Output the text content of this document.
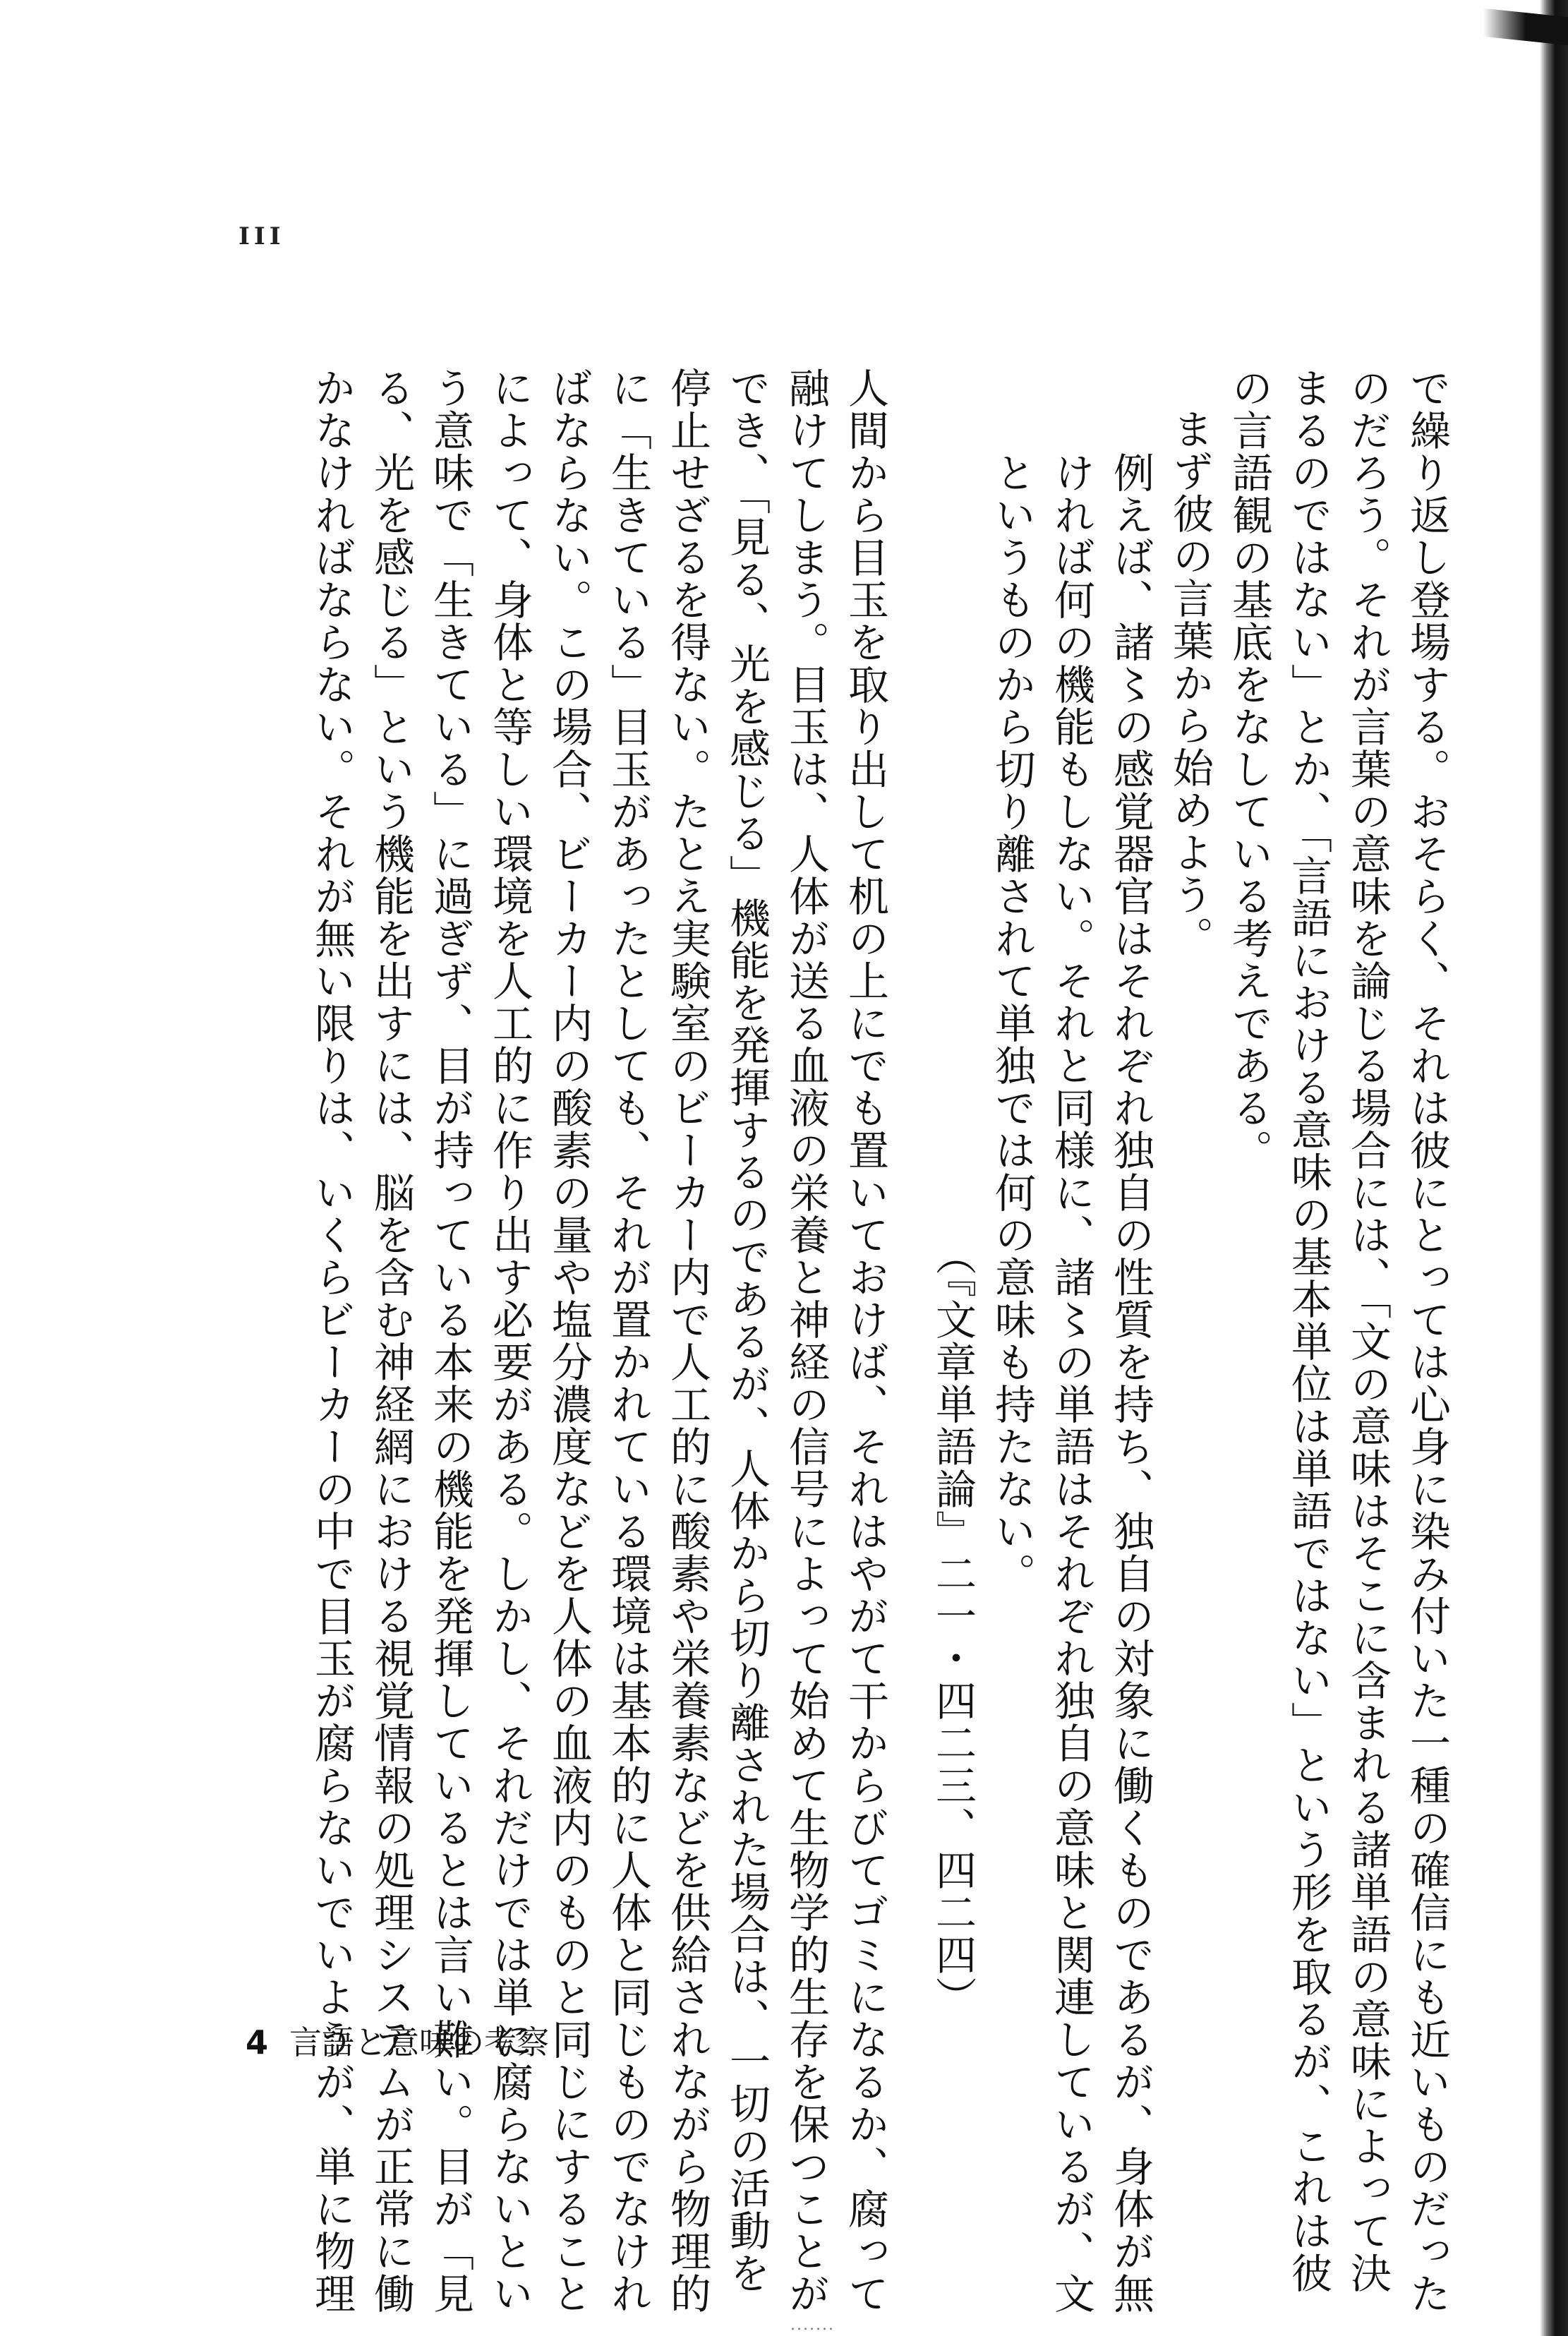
III
で繰り返し登場する。おそらく、それは彼にとっては心身に染み付いた一種の確信にも近いものだった
のだろう。それが言葉の意味を論じる場合には、「文の意味はそこに含まれる諸単語の意味によって決
まるのではない」とか、「言語における意味の基本単位は単語ではない」という形を取るが、これは彼
の言語観の基底をなしている考えである。
まず彼の言葉から始めよう。
例えば、諸〻の感覚器官はそれぞれ独自の性質を持ち、独自の対象に働くものであるが、身体が無
ければ何の機能もしない。それと同様に、諸〻の単語はそれぞれ独自の意味と関連しているが、文
というものから切り離されて単独では何の意味も持たない。
（『文章単語論』二一・四二三、四二四）
人間から目玉を取り出して机の上にでも置いておけば、それはやがて干からびてゴミになるか、腐って
融けてしまう。目玉は、人体が送る血液の栄養と神経の信号によって始めて生物学的生存を保つことが
でき、「見る、光を感じる」機能を発揮するのであるが、人体から切り離された場合は、一切の活動を
停止せざるを得ない。たとえ実験室のビーカー内で人工的に酸素や栄養素などを供給されながら物理的
に「生きている」目玉があったとしても、それが置かれている環境は基本的に人体と同じものでなけれ
ばならない。この場合、ビーカー内の酸素の量や塩分濃度などを人体の血液内のものと同じにすること
によって、身体と等しい環境を人工的に作り出す必要がある。しかし、それだけでは単に腐らないとい
う意味で「生きている」に過ぎず、目が持っている本来の機能を発揮しているとは言い難い。目が「見
る、光を感じる」という機能を出すには、脳を含む神経網における視覚情報の処理システムが正常に働
かなければならない。それが無い限りは、いくらビーカーの中で目玉が腐らないでいようが、単に物理
4 言語と意味の考察
.......
